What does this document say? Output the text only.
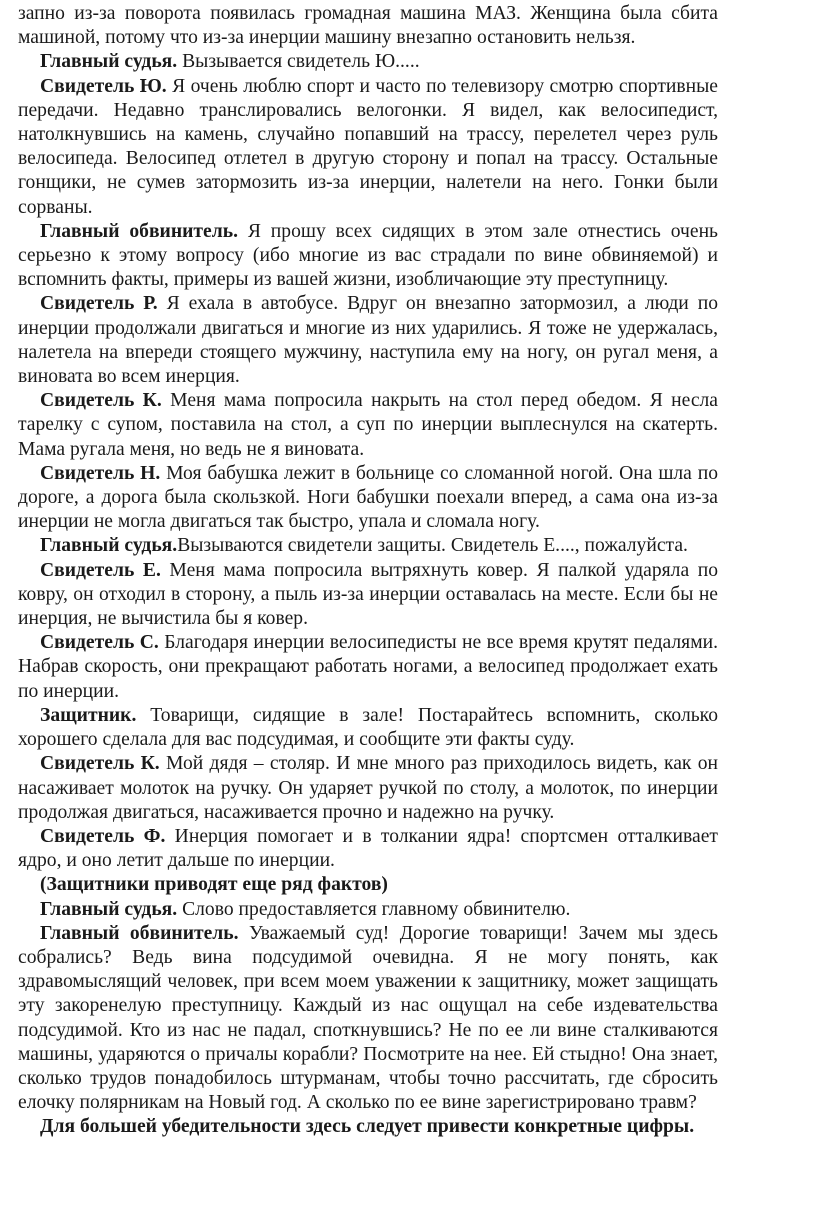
запно из-за поворота появилась громадная машина МАЗ. Женщина была сбита машиной, потому что из-за инерции машину внезапно остановить нельзя.

Главный судья. Вызывается свидетель Ю.....

Свидетель Ю. Я очень люблю спорт и часто по телевизору смотрю спортивные передачи. Недавно транслировались велогонки. Я видел, как велосипедист, натолкнувшись на камень, случайно попавший на трассу, перелетел через руль велосипеда. Велосипед отлетел в другую сторону и попал на трассу. Остальные гонщики, не сумев затормозить из-за инерции, налетели на него. Гонки были сорваны.

Главный обвинитель. Я прошу всех сидящих в этом зале отнестись очень серьезно к этому вопросу (ибо многие из вас страдали по вине обвиняемой) и вспомнить факты, примеры из вашей жизни, изобличающие эту преступницу.

Свидетель Р. Я ехала в автобусе. Вдруг он внезапно затормозил, а люди по инерции продолжали двигаться и многие из них ударились. Я тоже не удержалась, налетела на впереди стоящего мужчину, наступила ему на ногу, он ругал меня, а виновата во всем инерция.

Свидетель К. Меня мама попросила накрыть на стол перед обедом. Я несла тарелку с супом, поставила на стол, а суп по инерции выплеснулся на скатерть. Мама ругала меня, но ведь не я виновата.

Свидетель Н. Моя бабушка лежит в больнице со сломанной ногой. Она шла по дороге, а дорога была скользкой. Ноги бабушки поехали вперед, а сама она из-за инерции не могла двигаться так быстро, упала и сломала ногу.

Главный судья.Вызываются свидетели защиты. Свидетель Е...., пожалуйста.

Свидетель Е. Меня мама попросила вытряхнуть ковер. Я палкой ударяла по ковру, он отходил в сторону, а пыль из-за инерции оставалась на месте. Если бы не инерция, не вычистила бы я ковер.

Свидетель С. Благодаря инерции велосипедисты не все время крутят педалями. Набрав скорость, они прекращают работать ногами, а велосипед продолжает ехать по инерции.

Защитник. Товарищи, сидящие в зале! Постарайтесь вспомнить, сколько хорошего сделала для вас подсудимая, и сообщите эти факты суду.

Свидетель К. Мой дядя – столяр. И мне много раз приходилось видеть, как он насаживает молоток на ручку. Он ударяет ручкой по столу, а молоток, по инерции продолжая двигаться, насаживается прочно и надежно на ручку.

Свидетель Ф. Инерция помогает и в толкании ядра! спортсмен отталкивает ядро, и оно летит дальше по инерции.

(Защитники приводят еще ряд фактов)

Главный судья. Слово предоставляется главному обвинителю.

Главный обвинитель. Уважаемый суд! Дорогие товарищи! Зачем мы здесь собрались? Ведь вина подсудимой очевидна. Я не могу понять, как здравомыслящий человек, при всем моем уважении к защитнику, может защищать эту закоренелую преступницу. Каждый из нас ощущал на себе издевательства подсудимой. Кто из нас не падал, споткнувшись? Не по ее ли вине сталкиваются машины, ударяются о причалы корабли? Посмотрите на нее. Ей стыдно! Она знает, сколько трудов понадобилось штурманам, чтобы точно рассчитать, где сбросить елочку полярникам на Новый год. А сколько по ее вине зарегистрировано травм?

Для большей убедительности здесь следует привести конкретные цифры.
